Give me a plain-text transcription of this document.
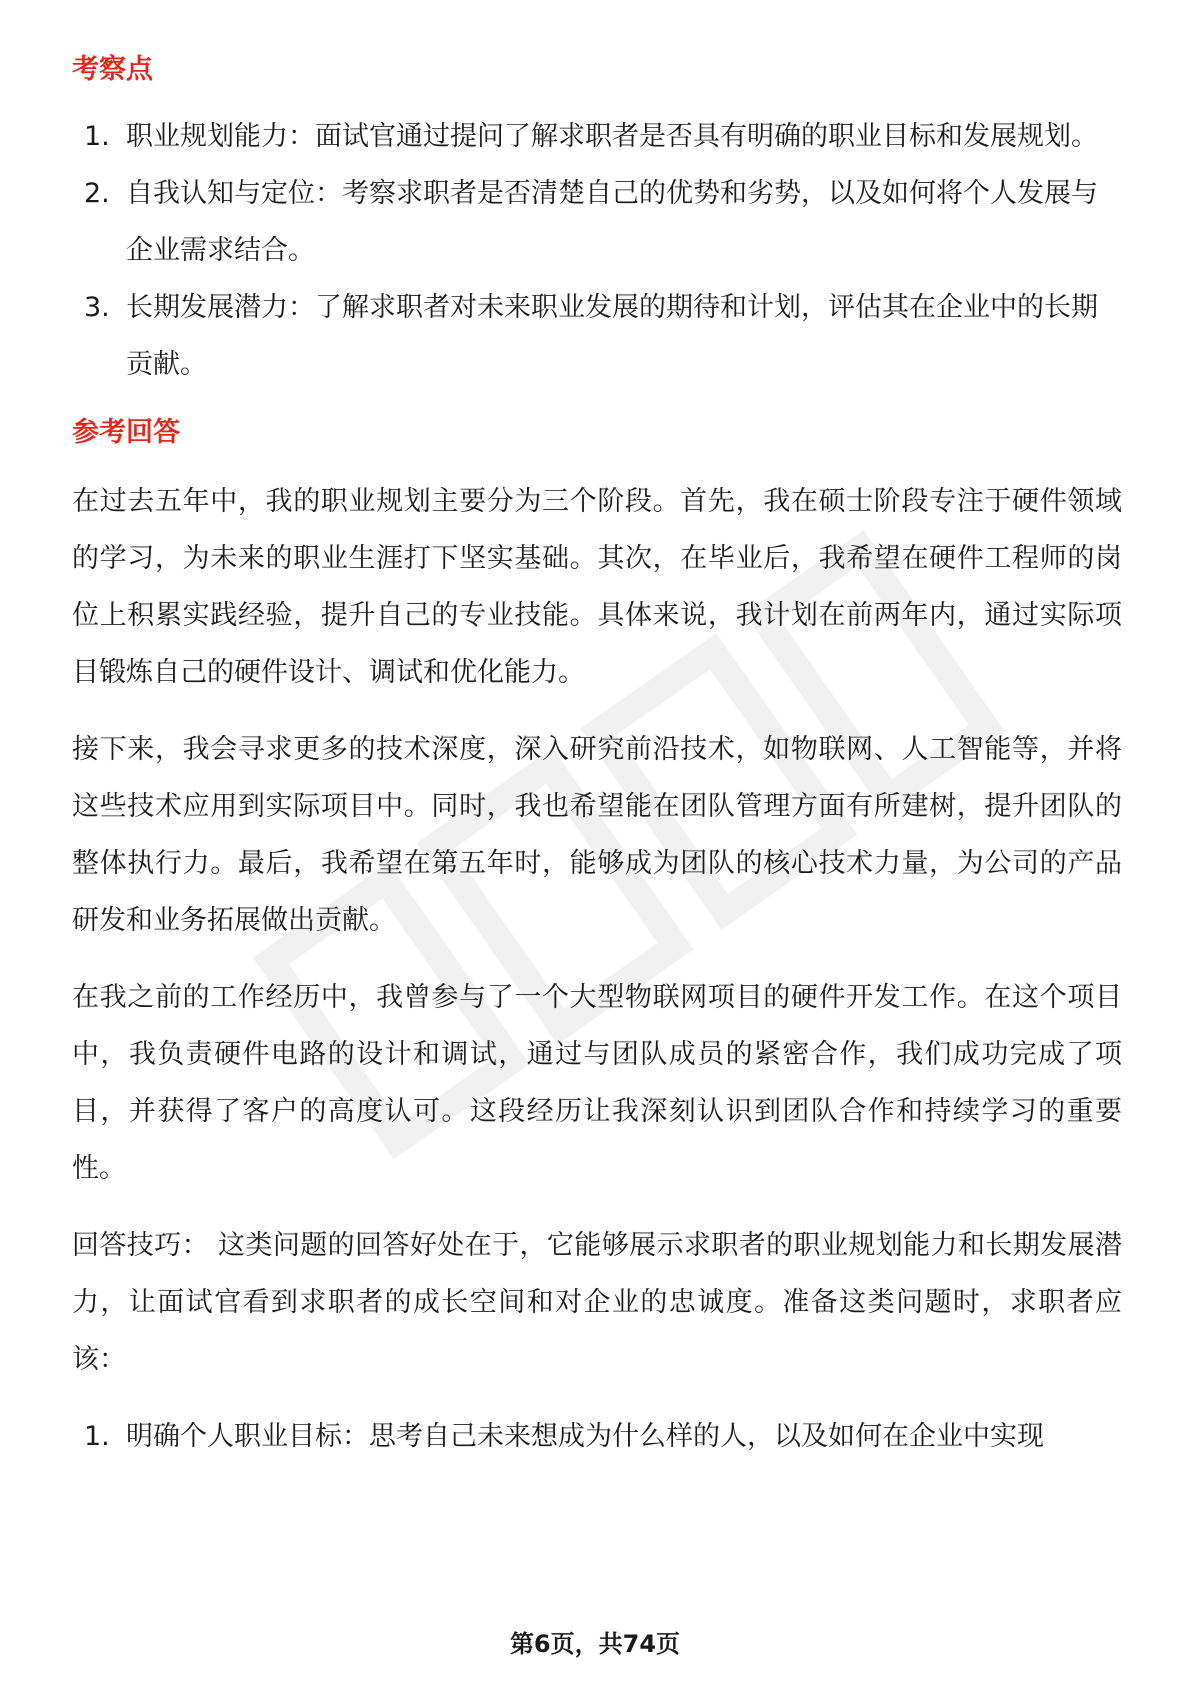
考察点
1. 职业规划能力：面试官通过提问了解求职者是否具有明确的职业目标和发展规划。
2. 自我认知与定位：考察求职者是否清楚自己的优势和劣势，以及如何将个人发展与企业需求结合。
3. 长期发展潜力：了解求职者对未来职业发展的期待和计划，评估其在企业中的长期贡献。
参考回答

在过去五年中，我的职业规划主要分为三个阶段。首先，我在硕士阶段专注于硬件领域的学习，为未来的职业生涯打下坚实基础。其次，在毕业后，我希望在硬件工程师的岗位上积累实践经验，提升自己的专业技能。具体来说，我计划在前两年内，通过实际项目锻炼自己的硬件设计、调试和优化能力。

接下来，我会寻求更多的技术深度，深入研究前沿技术，如物联网、人工智能等，并将这些技术应用到实际项目中。同时，我也希望能在团队管理方面有所建树，提升团队的整体执行力。最后，我希望在第五年时，能够成为团队的核心技术力量，为公司的产品研发和业务拓展做出贡献。

在我之前的工作经历中，我曾参与了一个大型物联网项目的硬件开发工作。在这个项目中，我负责硬件电路的设计和调试，通过与团队成员的紧密合作，我们成功完成了项目，并获得了客户的高度认可。这段经历让我深刻认识到团队合作和持续学习的重要性。

回答技巧： 这类问题的回答好处在于，它能够展示求职者的职业规划能力和长期发展潜力，让面试官看到求职者的成长空间和对企业的忠诚度。准备这类问题时，求职者应该：

1. 明确个人职业目标：思考自己未来想成为什么样的人，以及如何在企业中实现
第6页，共74页
